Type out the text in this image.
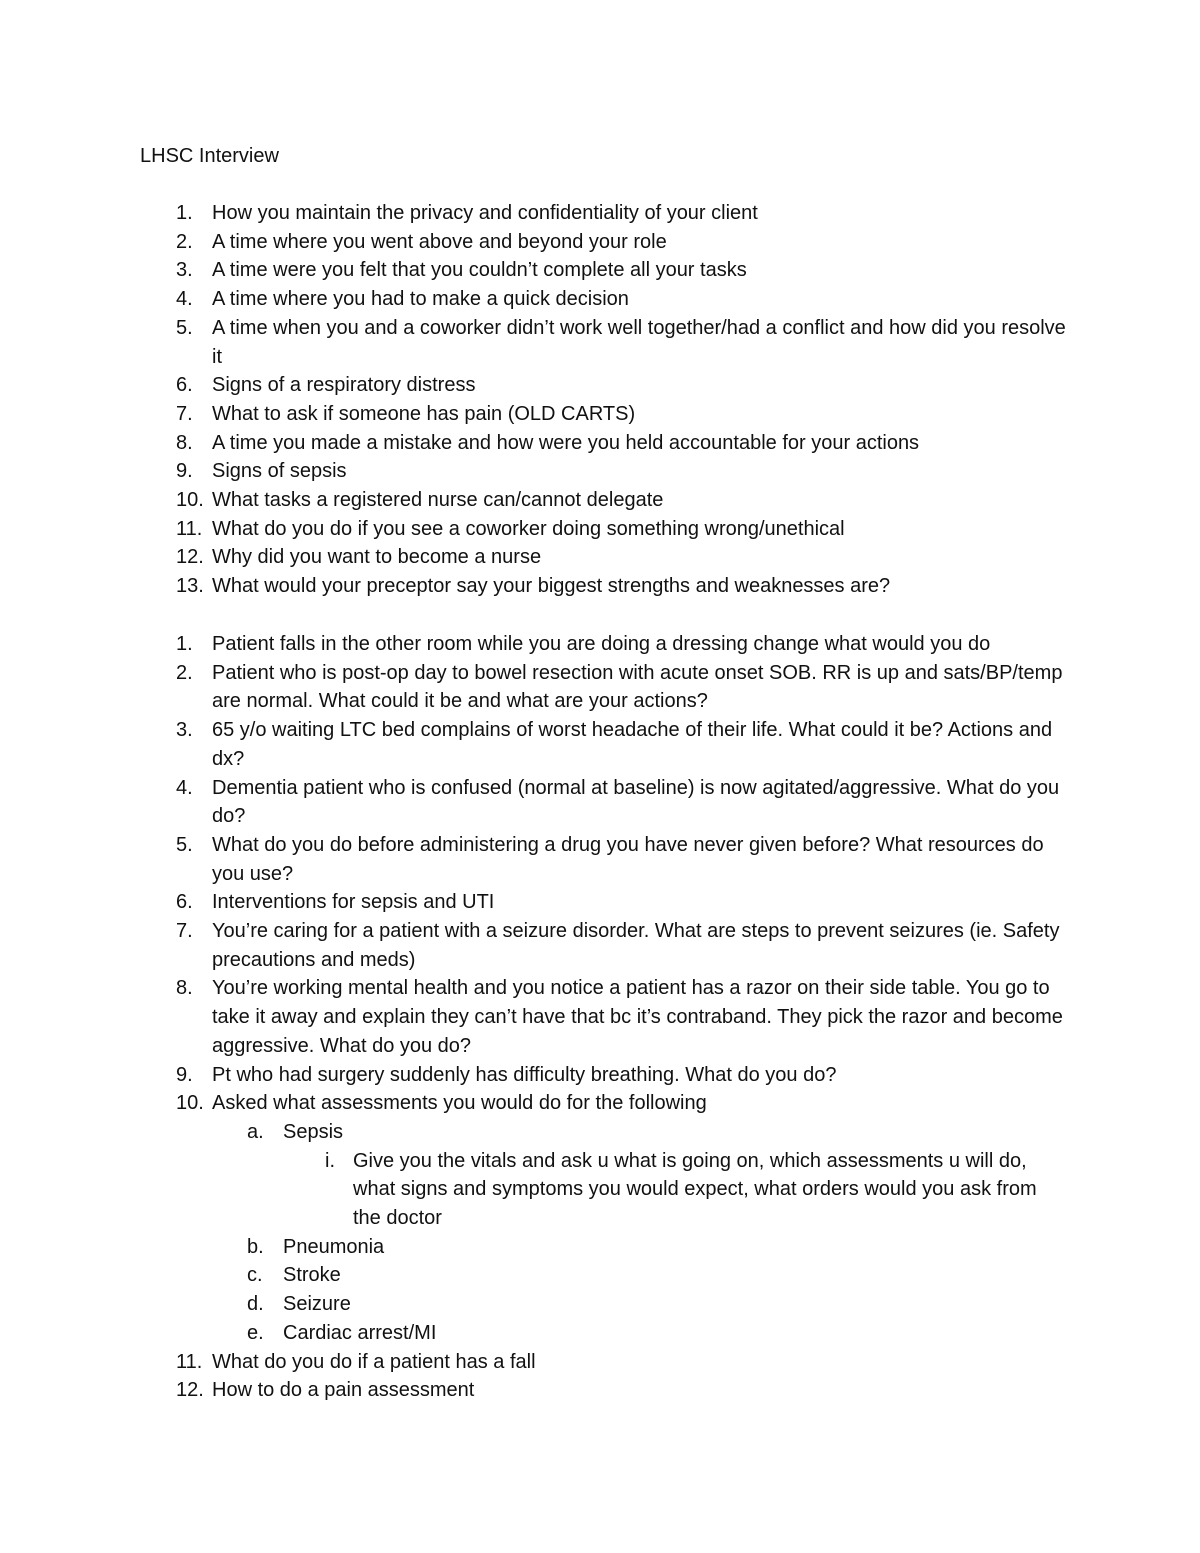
LHSC Interview
1. How you maintain the privacy and confidentiality of your client
2. A time where you went above and beyond your role
3. A time were you felt that you couldn’t complete all your tasks
4. A time where you had to make a quick decision
5. A time when you and a coworker didn’t work well together/had a conflict and how did you resolve it
6. Signs of a respiratory distress
7. What to ask if someone has pain (OLD CARTS)
8. A time you made a mistake and how were you held accountable for your actions
9. Signs of sepsis
10. What tasks a registered nurse can/cannot delegate
11. What do you do if you see a coworker doing something wrong/unethical
12. Why did you want to become a nurse
13. What would your preceptor say your biggest strengths and weaknesses are?
1. Patient falls in the other room while you are doing a dressing change what would you do
2. Patient who is post-op day to bowel resection with acute onset SOB. RR is up and sats/BP/temp are normal. What could it be and what are your actions?
3. 65 y/o waiting LTC bed complains of worst headache of their life. What could it be? Actions and dx?
4. Dementia patient who is confused (normal at baseline) is now agitated/aggressive. What do you do?
5. What do you do before administering a drug you have never given before? What resources do you use?
6. Interventions for sepsis and UTI
7. You’re caring for a patient with a seizure disorder. What are steps to prevent seizures (ie. Safety precautions and meds)
8. You’re working mental health and you notice a patient has a razor on their side table. You go to take it away and explain they can’t have that bc it’s contraband. They pick the razor and become aggressive. What do you do?
9. Pt who had surgery suddenly has difficulty breathing. What do you do?
10. Asked what assessments you would do for the following
a. Sepsis
i. Give you the vitals and ask u what is going on, which assessments u will do, what signs and symptoms you would expect, what orders would you ask from the doctor
b. Pneumonia
c. Stroke
d. Seizure
e. Cardiac arrest/MI
11. What do you do if a patient has a fall
12. How to do a pain assessment
